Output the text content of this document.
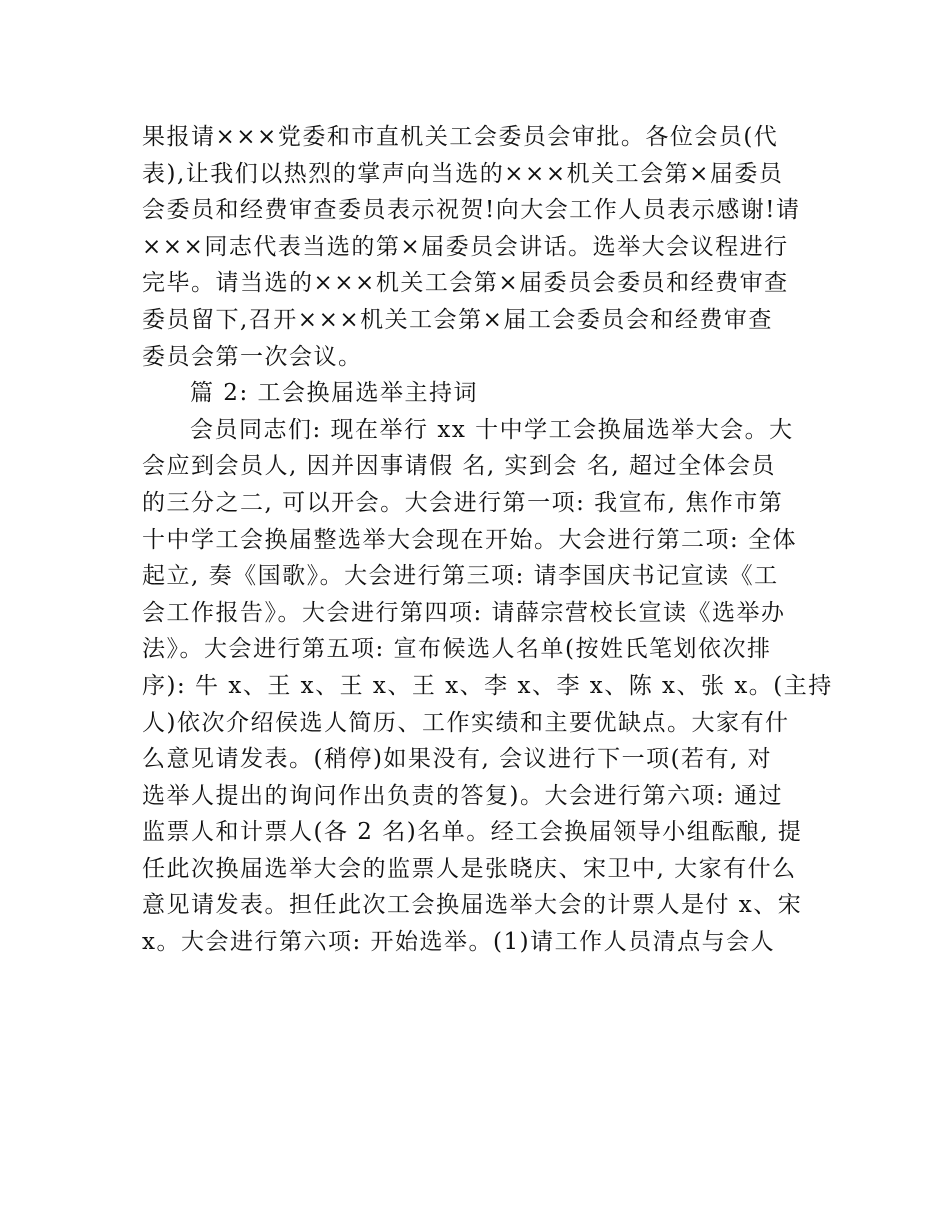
果报请×××党委和市直机关工会委员会审批。各位会员(代
表),让我们以热烈的掌声向当选的×××机关工会第×届委员
会委员和经费审查委员表示祝贺!向大会工作人员表示感谢!请
×××同志代表当选的第×届委员会讲话。选举大会议程进行
完毕。请当选的×××机关工会第×届委员会委员和经费审查
委员留下,召开×××机关工会第×届工会委员会和经费审查
委员会第一次会议。
篇 2: 工会换届选举主持词
会员同志们: 现在举行 xx 十中学工会换届选举大会。大
会应到会员人, 因并因事请假 名, 实到会 名, 超过全体会员
的三分之二, 可以开会。大会进行第一项: 我宣布, 焦作市第
十中学工会换届整选举大会现在开始。大会进行第二项: 全体
起立, 奏《国歌》。大会进行第三项: 请李国庆书记宣读《工
会工作报告》。大会进行第四项: 请薛宗营校长宣读《选举办
法》。大会进行第五项: 宣布候选人名单(按姓氏笔划依次排
序): 牛 x、王 x、王 x、王 x、李 x、李 x、陈 x、张 x。(主持
人)依次介绍侯选人简历、工作实绩和主要优缺点。大家有什
么意见请发表。(稍停)如果没有, 会议进行下一项(若有, 对
选举人提出的询问作出负责的答复)。大会进行第六项: 通过
监票人和计票人(各 2 名)名单。经工会换届领导小组酝酿, 提
任此次换届选举大会的监票人是张晓庆、宋卫中, 大家有什么
意见请发表。担任此次工会换届选举大会的计票人是付 x、宋
x。大会进行第六项: 开始选举。(1)请工作人员清点与会人
